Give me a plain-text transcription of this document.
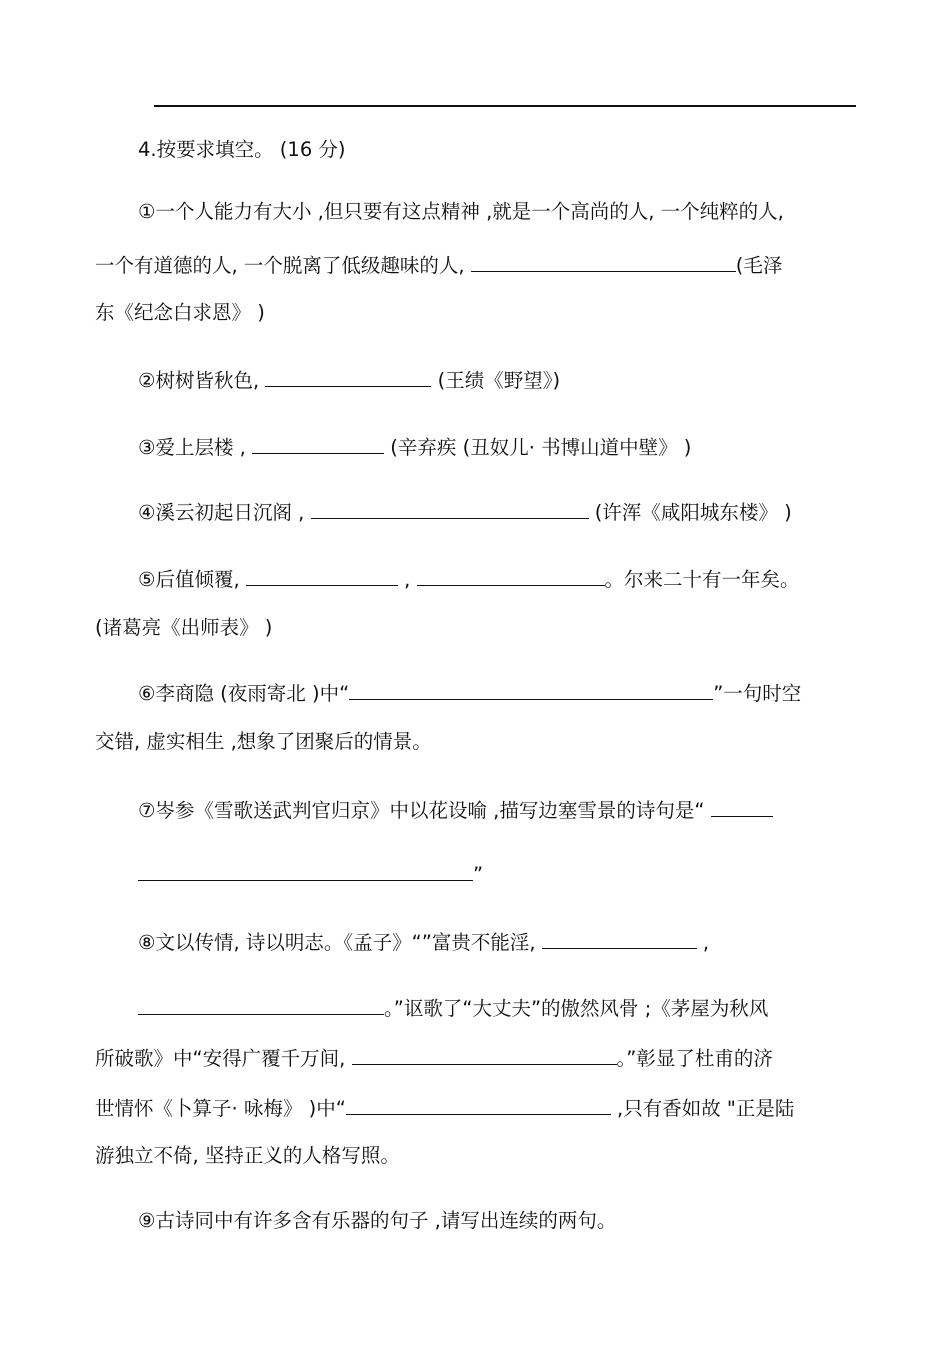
4.按要求填空。 (16 分)
①一个人能力有大小 ,但只要有这点精神 ,就是一个高尚的人, 一个纯粹的人,
一个有道德的人, 一个脱离了低级趣味的人,	(毛泽
东《纪念白求恩》 )
②树树皆秋色,	(王绩《野望》)
③爱上层楼 ,	(辛弃疾 (丑奴儿· 书博山道中壁》 )
④溪云初起日沉阁 ,	(许浑《咸阳城东楼》 )
⑤后值倾覆,	,	。尔来二十有一年矣。
(诸葛亮《出师表》 )
⑥李商隐 (夜雨寄北 )中“	”一句时空
交错, 虚实相生 ,想象了团聚后的情景。
⑦岑参《雪歌送武判官归京》中以花设喻 ,描写边塞雪景的诗句是“
”
⑧文以传情, 诗以明志。《孟子》“”富贵不能淫,	,
。”讴歌了“大丈夫”的傲然风骨 ;《茅屋为秋风
所破歌》中“安得广覆千万间,	。”彰显了杜甫的济
世情怀《卜算子· 咏梅》 )中“	,只有香如故 "正是陆
游独立不倚, 坚持正义的人格写照。
⑨古诗同中有许多含有乐器的句子 ,请写出连续的两句。
